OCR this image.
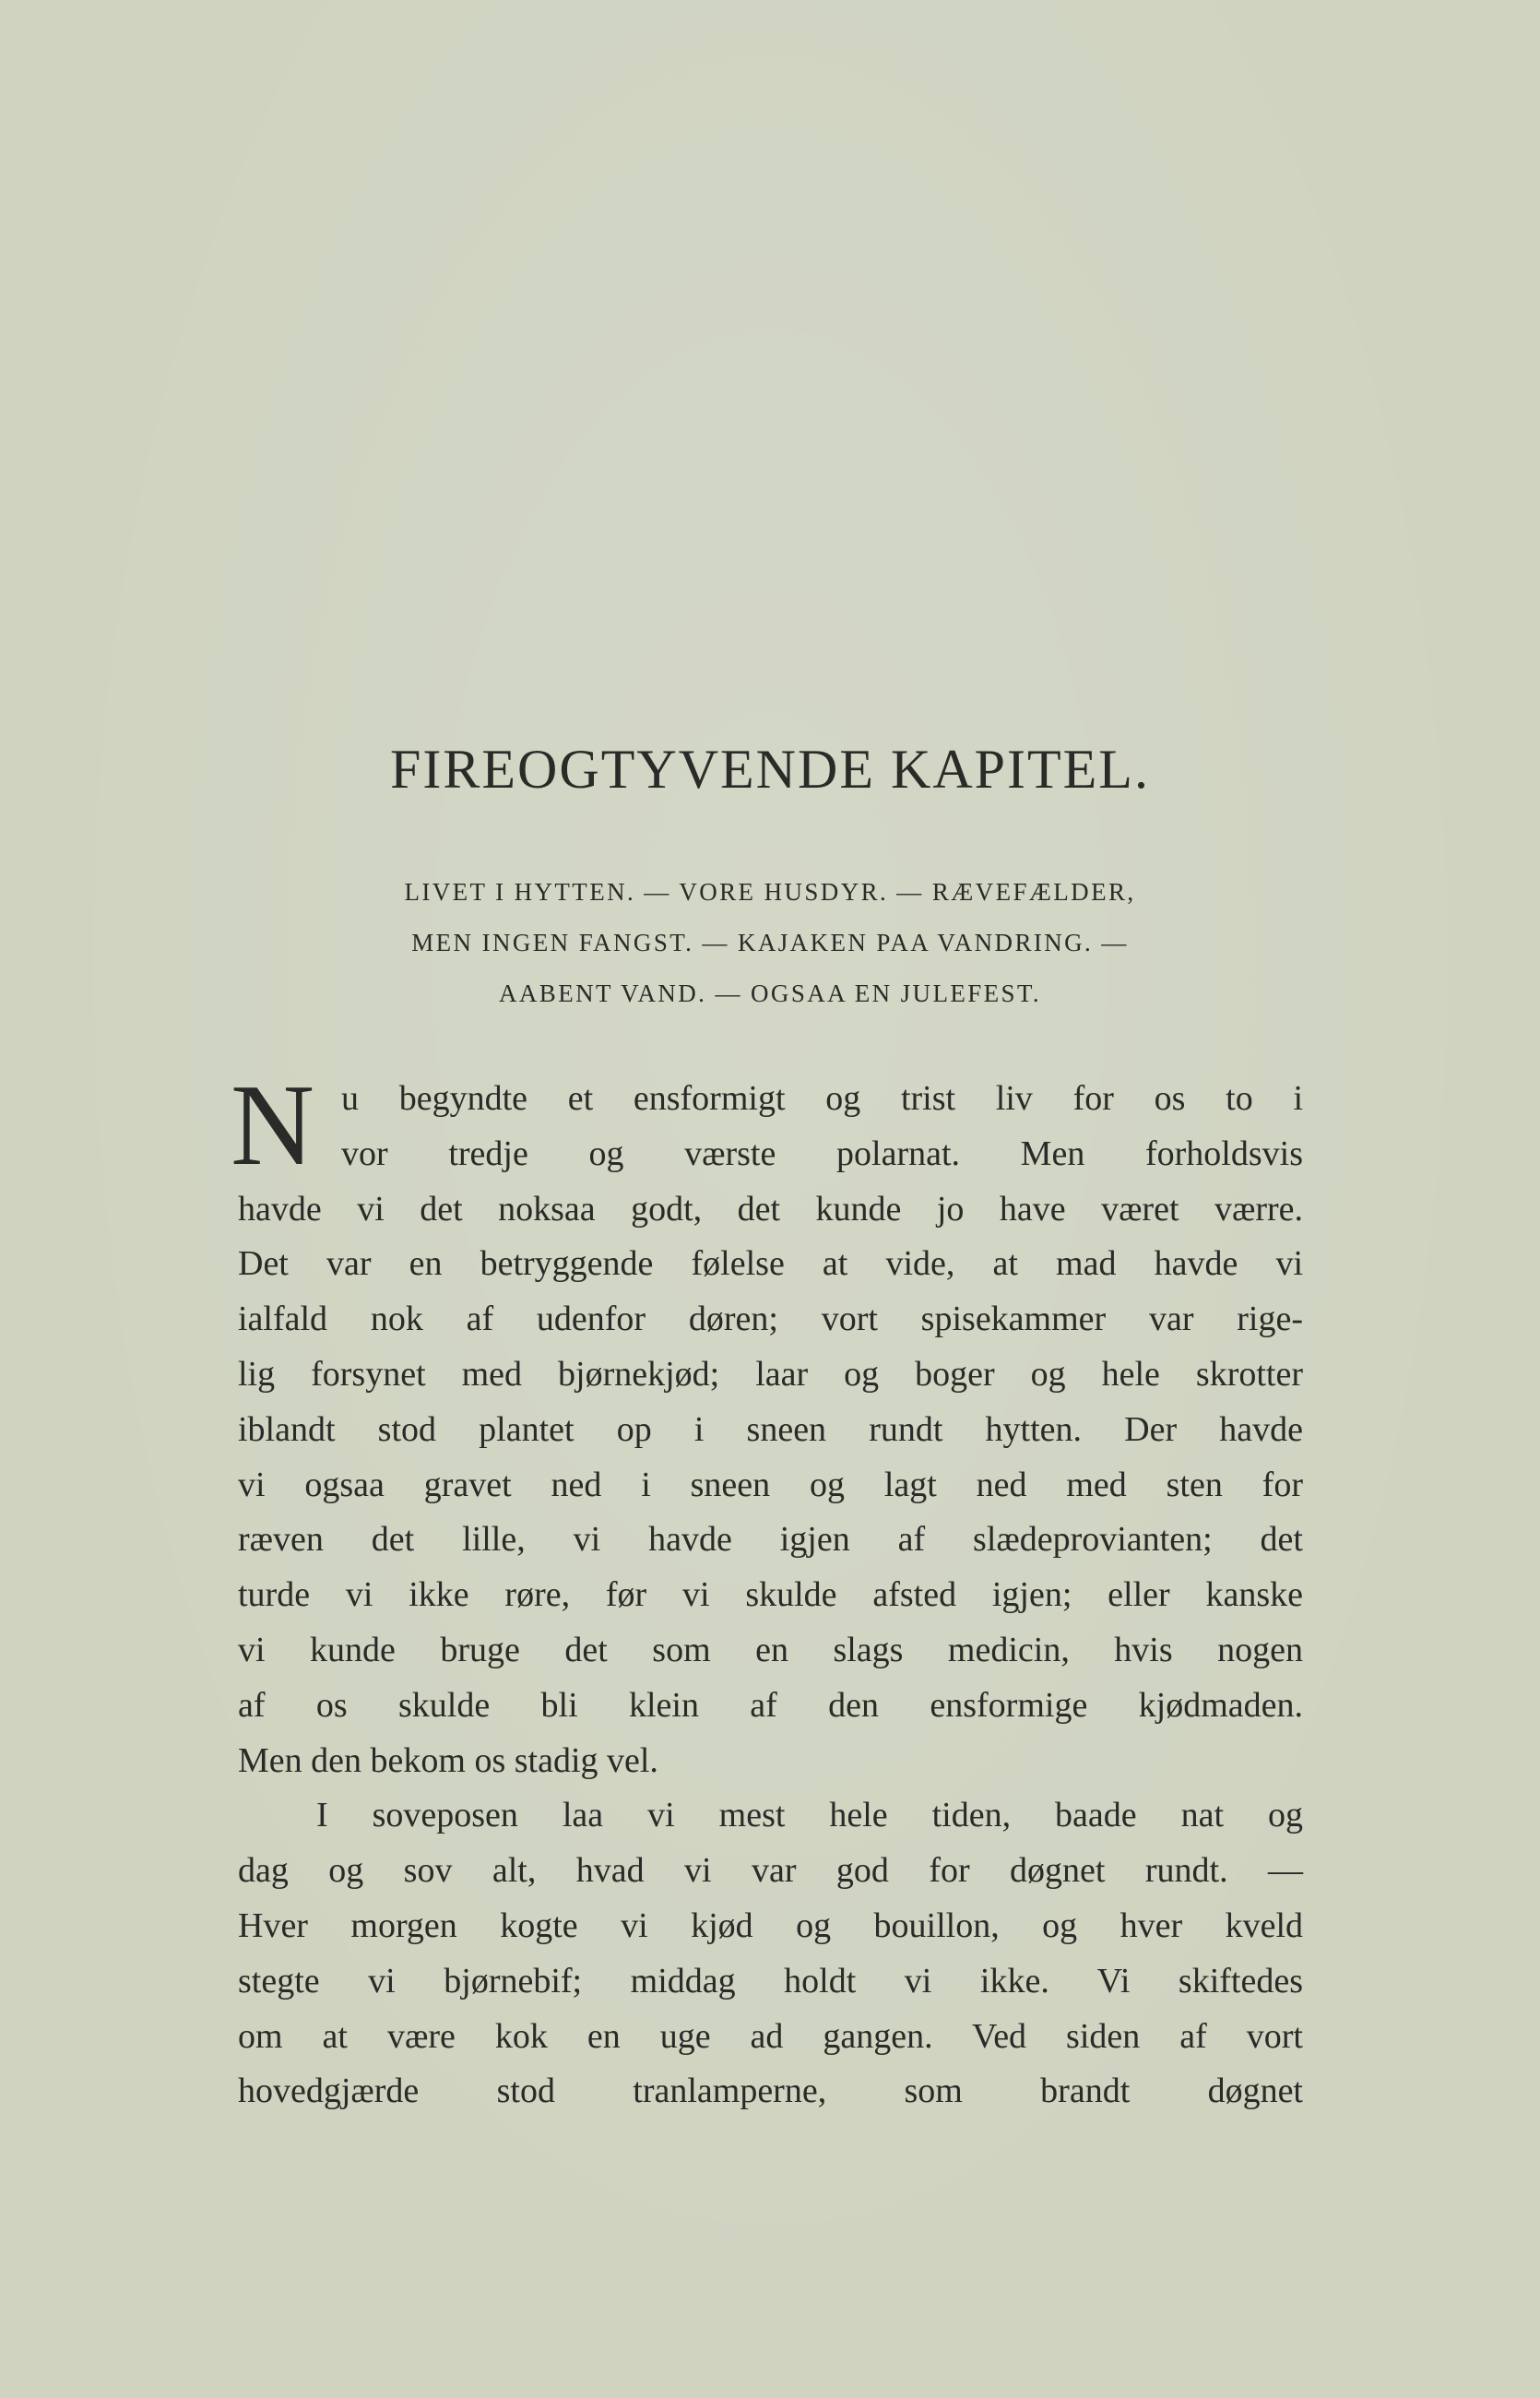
FIREOGTYVENDE KAPITEL.
LIVET I HYTTEN. — VORE HUSDYR. — RÆVEFÆLDER,
MEN INGEN FANGST. — KAJAKEN PAA VANDRING. —
AABENT VAND. — OGSAA EN JULEFEST.
N u begyndte et ensformigt og trist liv for os to i
vor tredje og værste polarnat. Men forholdsvis
havde vi det noksaa godt, det kunde jo have været værre.
Det var en betryggende følelse at vide, at mad havde vi
ialfald nok af udenfor døren; vort spisekammer var rige-
lig forsynet med bjørnekjød; laar og boger og hele skrotter
iblandt stod plantet op i sneen rundt hytten. Der havde
vi ogsaa gravet ned i sneen og lagt ned med sten for
ræven det lille, vi havde igjen af slædeprovianten; det
turde vi ikke røre, før vi skulde afsted igjen; eller kanske
vi kunde bruge det som en slags medicin, hvis nogen
af os skulde bli klein af den ensformige kjødmaden.
Men den bekom os stadig vel.
I soveposen laa vi mest hele tiden, baade nat og
dag og sov alt, hvad vi var god for døgnet rundt. —
Hver morgen kogte vi kjød og bouillon, og hver kveld
stegte vi bjørnebif; middag holdt vi ikke. Vi skiftedes
om at være kok en uge ad gangen. Ved siden af vort
hovedgjærde stod tranlamperne, som brandt døgnet
